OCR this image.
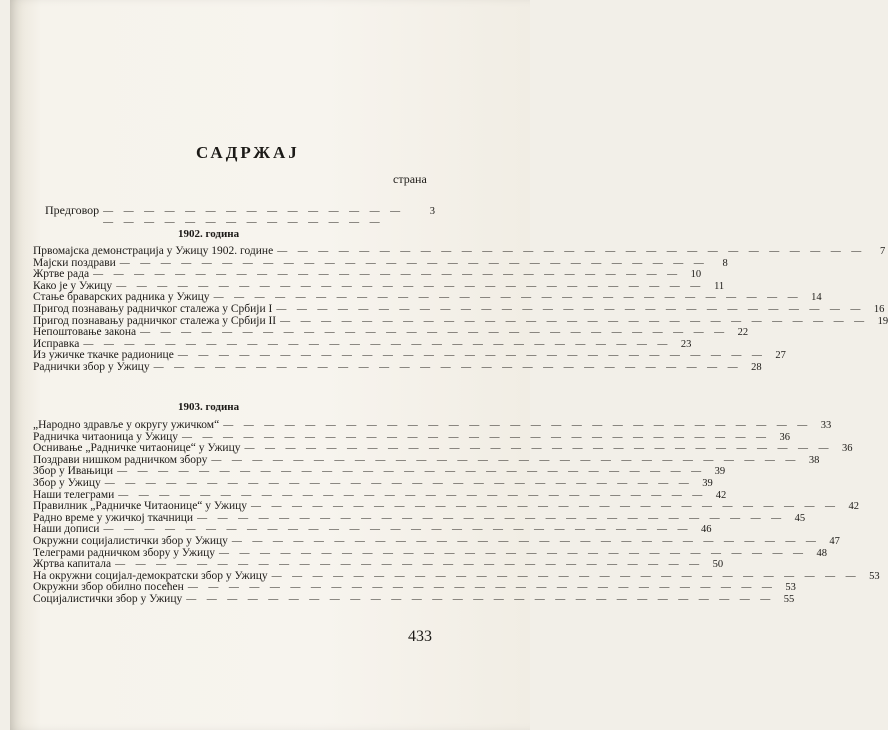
САДРЖАЈ
страна
Предговор — — — — — — — — — — — — — — — — — — — — — — — — — — — — —
3
1902. година
Првомајска демонстрација у Ужицу 1902. године — — — — — — — — — — — — — — — — — — — — — — — — — — — — —	7
Мајски поздрави — — — — — — — — — — — — — — — — — — — — — — — — — — — — —	8
Жртве рада — — — — — — — — — — — — — — — — — — — — — — — — — — — — — 10
Како је у Ужицу — — — — — — — — — — — — — — — — — — — — — — — — — — — — — 11
Стање браварских радника у Ужицу — — — — — — — — — — — — — — — — — — — — — — — — — — — — — 14
Пригод познавању радничког сталежа у Србији I — — — — — — — — — — — — — — — — — — — — — — — — — — — — — 16
Пригод познавању радничког сталежа у Србији II — — — — — — — — — — — — — — — — — — — — — — — — — — — — — 19
Непоштовање закона — — — — — — — — — — — — — — — — — — — — — — — — — — — — — 22
Исправка — — — — — — — — — — — — — — — — — — — — — — — — — — — — — 23
Из ужичке ткачке радионице — — — — — — — — — — — — — — — — — — — — — — — — — — — — — 27
Раднички збор у Ужицу — — — — — — — — — — — — — — — — — — — — — — — — — — — — — 28
1903. година
„Народно здравље у округу ужичком“ — — — — — — — — — — — — — — — — — — — — — — — — — — — — — 33
Радничка читаоница у Ужицу — — — — — — — — — — — — — — — — — — — — — — — — — — — — — 36
Оснивање „Радничке читаонице“ у Ужицу — — — — — — — — — — — — — — — — — — — — — — — — — — — — — 36
Поздрави нишком радничком збору — — — — — — — — — — — — — — — — — — — — — — — — — — — — — 38
Збор у Ивањици — — — — — — — — — — — — — — — — — — — — — — — — — — — — — 39
Збор у Ужицу — — — — — — — — — — — — — — — — — — — — — — — — — — — — — 39
Наши телеграми — — — — — — — — — — — — — — — — — — — — — — — — — — — — — 42
Правилник „Радничке Читаонице“ у Ужицу — — — — — — — — — — — — — — — — — — — — — — — — — — — — — 42
Радно време у ужичкој ткачници — — — — — — — — — — — — — — — — — — — — — — — — — — — — — 45
Наши дописи — — — — — — — — — — — — — — — — — — — — — — — — — — — — — 46
Окружни социјалистички збор у Ужицу — — — — — — — — — — — — — — — — — — — — — — — — — — — — — 47
Телеграми радничком збору у Ужицу — — — — — — — — — — — — — — — — — — — — — — — — — — — — — 48
Жртва капитала — — — — — — — — — — — — — — — — — — — — — — — — — — — — — 50
На окружни социјал-демократски збор у Ужицу — — — — — — — — — — — — — — — — — — — — — — — — — — — — — 53
Окружни збор обилно посећен — — — — — — — — — — — — — — — — — — — — — — — — — — — — — 53
Социјалистички збор у Ужицу — — — — — — — — — — — — — — — — — — — — — — — — — — — — — 55
433
